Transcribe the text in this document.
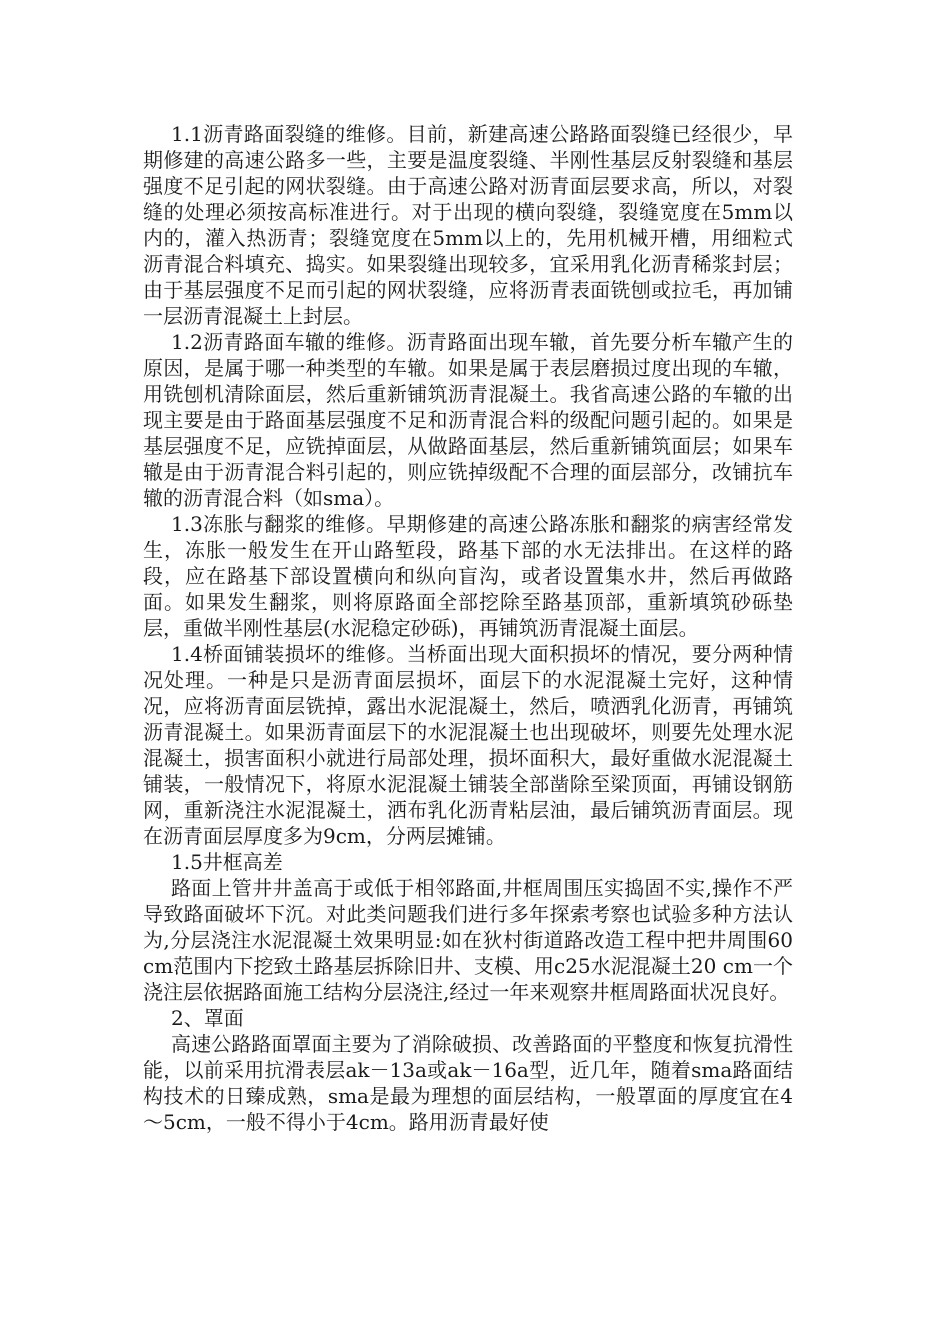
1.1沥青路面裂缝的维修。目前，新建高速公路路面裂缝已经很少，早期修建的高速公路多一些，主要是温度裂缝、半刚性基层反射裂缝和基层强度不足引起的网状裂缝。由于高速公路对沥青面层要求高，所以，对裂缝的处理必须按高标准进行。对于出现的横向裂缝，裂缝宽度在5mm以内的，灌入热沥青；裂缝宽度在5mm以上的，先用机械开槽，用细粒式沥青混合料填充、捣实。如果裂缝出现较多，宜采用乳化沥青稀浆封层；由于基层强度不足而引起的网状裂缝，应将沥青表面铣刨或拉毛，再加铺一层沥青混凝土上封层。

1.2沥青路面车辙的维修。沥青路面出现车辙，首先要分析车辙产生的原因，是属于哪一种类型的车辙。如果是属于表层磨损过度出现的车辙，用铣刨机清除面层，然后重新铺筑沥青混凝土。我省高速公路的车辙的出现主要是由于路面基层强度不足和沥青混合料的级配问题引起的。如果是基层强度不足，应铣掉面层，从做路面基层，然后重新铺筑面层；如果车辙是由于沥青混合料引起的，则应铣掉级配不合理的面层部分，改铺抗车辙的沥青混合料（如sma）。

1.3冻胀与翻浆的维修。早期修建的高速公路冻胀和翻浆的病害经常发生，冻胀一般发生在开山路堑段，路基下部的水无法排出。在这样的路段，应在路基下部设置横向和纵向盲沟，或者设置集水井，然后再做路面。如果发生翻浆，则将原路面全部挖除至路基顶部，重新填筑砂砾垫层，重做半刚性基层(水泥稳定砂砾)，再铺筑沥青混凝土面层。

1.4桥面铺装损坏的维修。当桥面出现大面积损坏的情况，要分两种情况处理。一种是只是沥青面层损坏，面层下的水泥混凝土完好，这种情况，应将沥青面层铣掉，露出水泥混凝土，然后，喷洒乳化沥青，再铺筑沥青混凝土。如果沥青面层下的水泥混凝土也出现破坏，则要先处理水泥混凝土，损害面积小就进行局部处理，损坏面积大，最好重做水泥混凝土铺装，一般情况下，将原水泥混凝土铺装全部凿除至梁顶面，再铺设钢筋网，重新浇注水泥混凝土，洒布乳化沥青粘层油，最后铺筑沥青面层。现在沥青面层厚度多为9cm，分两层摊铺。

1.5井框高差

路面上管井井盖高于或低于相邻路面,井框周围压实捣固不实,操作不严导致路面破坏下沉。对此类问题我们进行多年探索考察也试验多种方法认为,分层浇注水泥混凝土效果明显:如在狄村街道路改造工程中把井周围60 cm范围内下挖致土路基层拆除旧井、支模、用c25水泥混凝土20 cm一个浇注层依据路面施工结构分层浇注,经过一年来观察井框周路面状况良好。

2、罩面

高速公路路面罩面主要为了消除破损、改善路面的平整度和恢复抗滑性能，以前采用抗滑表层ak－13a或ak－16a型，近几年，随着sma路面结构技术的日臻成熟，sma是最为理想的面层结构，一般罩面的厚度宜在4～5cm，一般不得小于4cm。路用沥青最好使
